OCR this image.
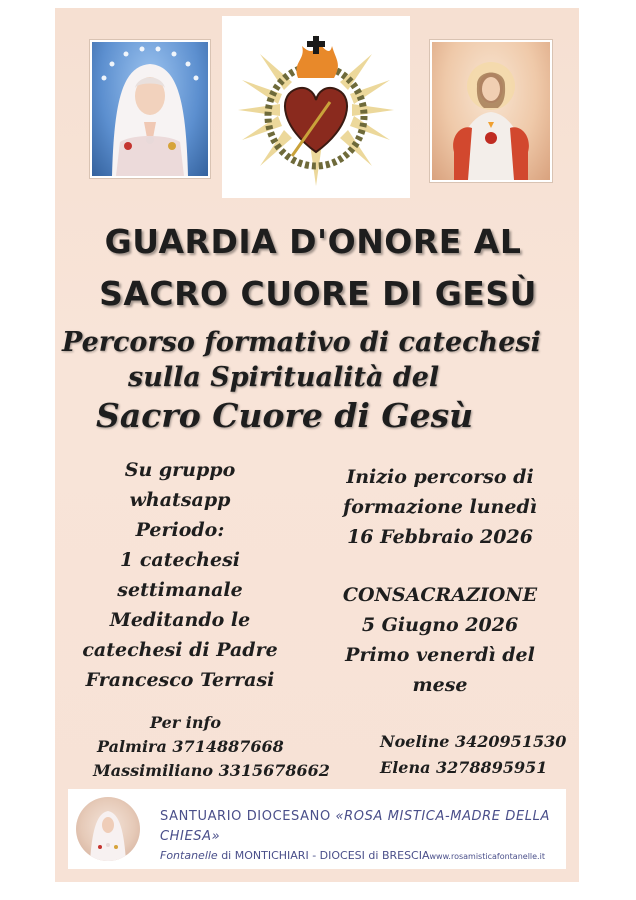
GUARDIA D'ONORE AL
SACRO CUORE DI GESÙ
Percorso formativo di catechesi
sulla Spiritualità del
Sacro Cuore di Gesù
Su gruppo
whatsapp
Periodo:
1 catechesi
settimanale
Meditando le
catechesi di Padre
Francesco Terrasi
Inizio percorso di
formazione lunedì
16 Febbraio 2026
CONSACRAZIONE
5 Giugno 2026
Primo venerdì del
mese
Per info
Palmira 3714887668
Massimiliano 3315678662
Noeline 3420951530
Elena 3278895951
SANTUARIO DIOCESANO «ROSA MISTICA-MADRE DELLA CHIESA»
Fontanelle di MONTICHIARI - DIOCESI di BRESCIAwww.rosamisticafontanelle.it
